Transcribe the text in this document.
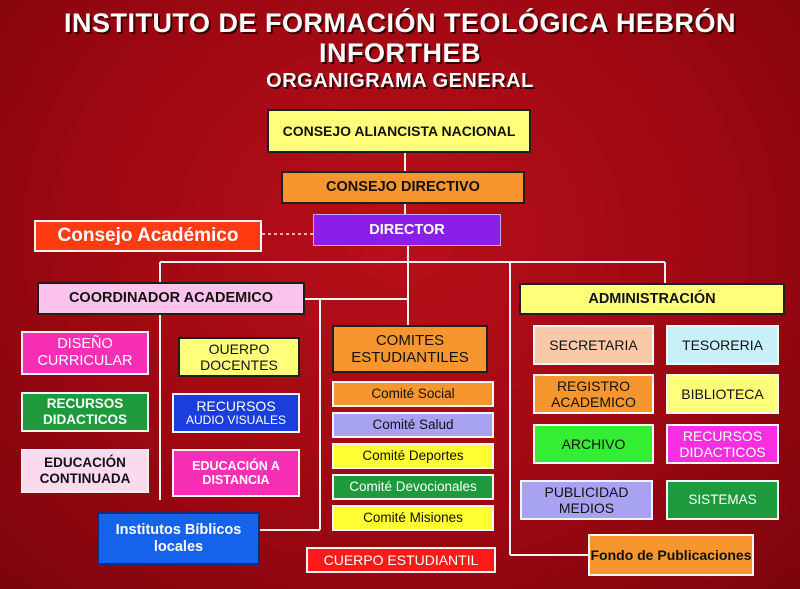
INSTITUTO DE FORMACIÓN TEOLÓGICA HEBRÓN
INFORTHEB
ORGANIGRAMA GENERAL
CONSEJO ALIANCISTA NACIONAL
CONSEJO DIRECTIVO
DIRECTOR
Consejo Académico
COORDINADOR ACADEMICO
DISEÑO CURRICULAR
RECURSOS DIDACTICOS
EDUCACIÓN CONTINUADA
OUERPO DOCENTES
RECURSOS
AUDIO VISUALES
EDUCACIÓN A DISTANCIA
Institutos Bíblicos locales
COMITES ESTUDIANTILES
Comité Social
Comité Salud
Comité Deportes
Comité Devocionales
Comité Misiones
CUERPO ESTUDIANTIL
ADMINISTRACIÓN
SECRETARIA	TESORERIA
REGISTRO ACADEMICO
BIBLIOTECA
ARCHIVO
RECURSOS DIDACTICOS
PUBLICIDAD MEDIOS
SISTEMAS
Fondo de Publicaciones
